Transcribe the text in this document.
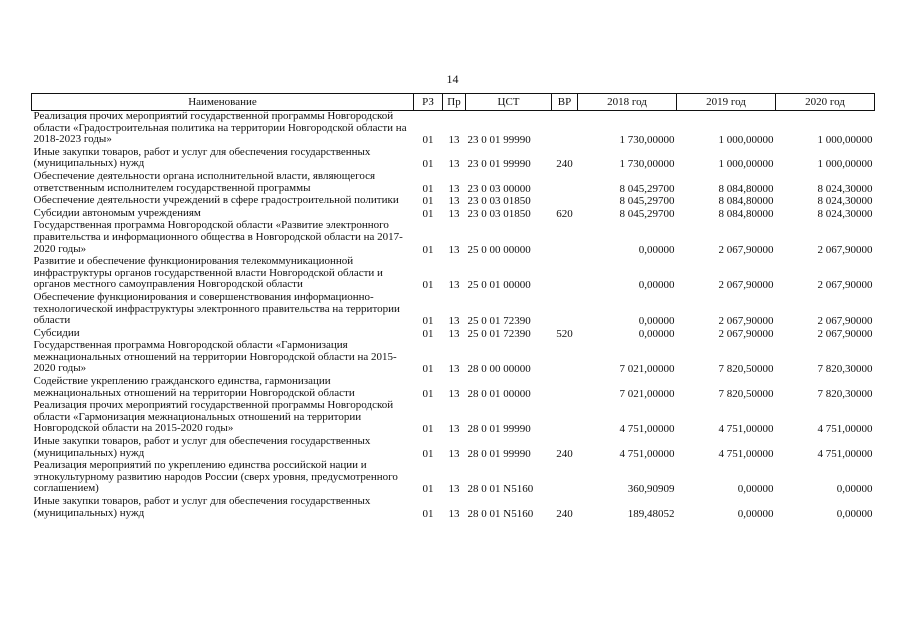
14
Наименование	РЗ	Пр	ЦСТ	ВР	2018 год	2019 год	2020 год
Реализация прочих мероприятий государственной программы Новгородской области «Градостроительная политика на территории Новгородской области на 2018-2023 годы»	01	13	23 0 01 99990		1 730,00000	1 000,00000	1 000,00000
Иные закупки товаров, работ и услуг для обеспечения государственных (муниципальных) нужд	01	13	23 0 01 99990	240	1 730,00000	1 000,00000	1 000,00000
Обеспечение деятельности органа исполнительной власти, являющегося ответственным исполнителем государственной программы	01	13	23 0 03 00000		8 045,29700	8 084,80000	8 024,30000
Обеспечение деятельности учреждений в сфере градостроительной политики	01	13	23 0 03 01850		8 045,29700	8 084,80000	8 024,30000
Субсидии автономым учреждениям	01	13	23 0 03 01850	620	8 045,29700	8 084,80000	8 024,30000
Государственная программа Новгородской области «Развитие электронного правительства и информационного общества в Новгородской области на 2017-2020 годы»	01	13	25 0 00 00000		0,00000	2 067,90000	2 067,90000
Развитие и обеспечение функционирования телекоммуникационной инфраструктуры органов государственной власти Новгородской области и органов местного самоуправления Новгородской области	01	13	25 0 01 00000		0,00000	2 067,90000	2 067,90000
Обеспечение функционирования и совершенствования информационно- технологической инфраструктуры электронного правительства на территории области	01	13	25 0 01 72390		0,00000	2 067,90000	2 067,90000
Субсидии	01	13	25 0 01 72390	520	0,00000	2 067,90000	2 067,90000
Государственная программа Новгородской области «Гармонизация межнациональных отношений на территории Новгородской области на 2015-2020 годы»	01	13	28 0 00 00000		7 021,00000	7 820,50000	7 820,30000
Содействие укреплению гражданского единства, гармонизации межнациональных отношений на территории Новгородской области	01	13	28 0 01 00000		7 021,00000	7 820,50000	7 820,30000
Реализация прочих мероприятий государственной программы Новгородской области «Гармонизация межнациональных отношений на территории Новгородской области на 2015-2020 годы»	01	13	28 0 01 99990		4 751,00000	4 751,00000	4 751,00000
Иные закупки товаров, работ и услуг для обеспечения государственных (муниципальных) нужд	01	13	28 0 01 99990	240	4 751,00000	4 751,00000	4 751,00000
Реализация мероприятий по укреплению единства российской нации и этнокультурному развитию народов России (сверх уровня, предусмотренного соглашением)	01	13	28 0 01 N5160		360,90909	0,00000	0,00000
Иные закупки товаров, работ и услуг для обеспечения государственных (муниципальных) нужд	01	13	28 0 01 N5160	240	189,48052	0,00000	0,00000
